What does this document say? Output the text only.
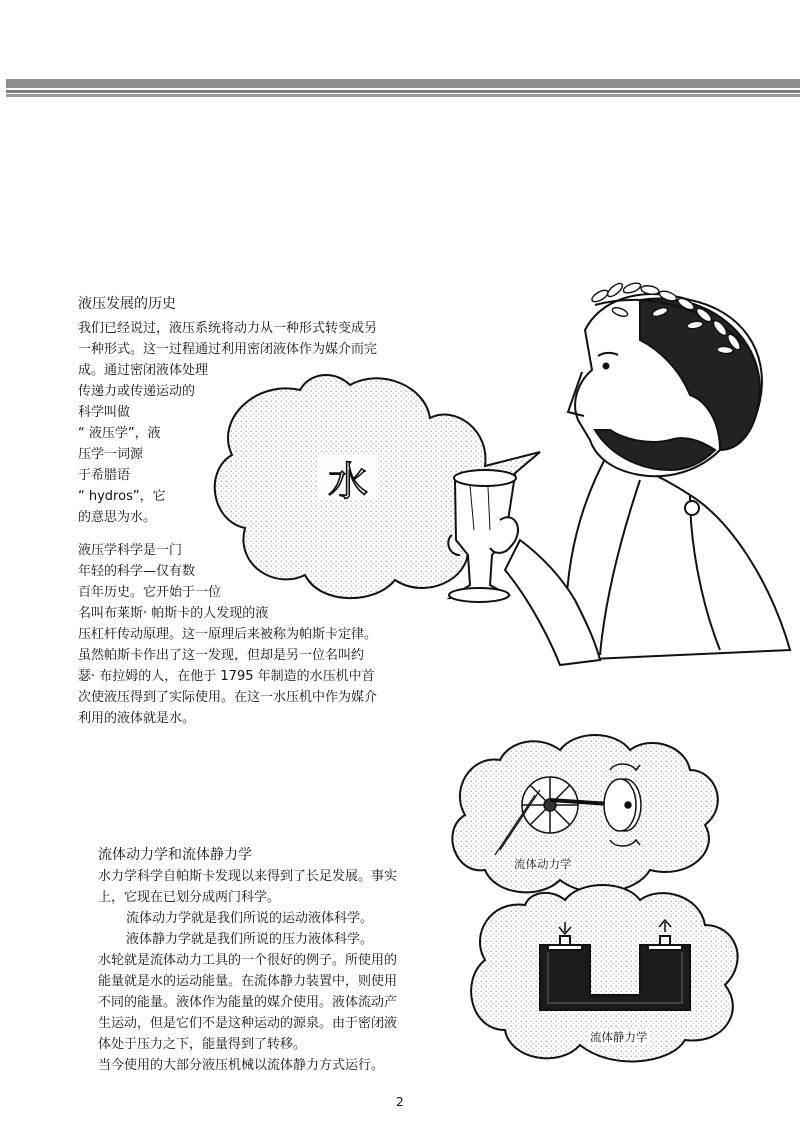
水
液压发展的历史
我们已经说过，液压系统将动力从一种形式转变成另
一种形式。这一过程通过利用密闭液体作为媒介而完
成。通过密闭液体处理
传递力或传递运动的
科学叫做
“ 液压学”，液
压学一词源
于希腊语
“ hydros”，它
的意思为水。
液压学科学是一门
年轻的科学—仅有数
百年历史。它开始于一位
名叫布莱斯· 帕斯卡的人发现的液
压杠杆传动原理。这一原理后来被称为帕斯卡定律。
虽然帕斯卡作出了这一发现，但却是另一位名叫约
瑟· 布拉姆的人，在他于 1795 年制造的水压机中首
次使液压得到了实际使用。在这一水压机中作为媒介
利用的液体就是水。
流体动力学
流体静力学
流体动力学和流体静力学
水力学科学自帕斯卡发现以来得到了长足发展。事实
上，它现在已划分成两门科学。
流体动力学就是我们所说的运动液体科学。
液体静力学就是我们所说的压力液体科学。
水轮就是流体动力工具的一个很好的例子。所使用的
能量就是水的运动能量。在流体静力装置中，则使用
不同的能量。液体作为能量的媒介使用。液体流动产
生运动，但是它们不是这种运动的源泉。由于密闭液
体处于压力之下，能量得到了转移。
当今使用的大部分液压机械以流体静力方式运行。
2
